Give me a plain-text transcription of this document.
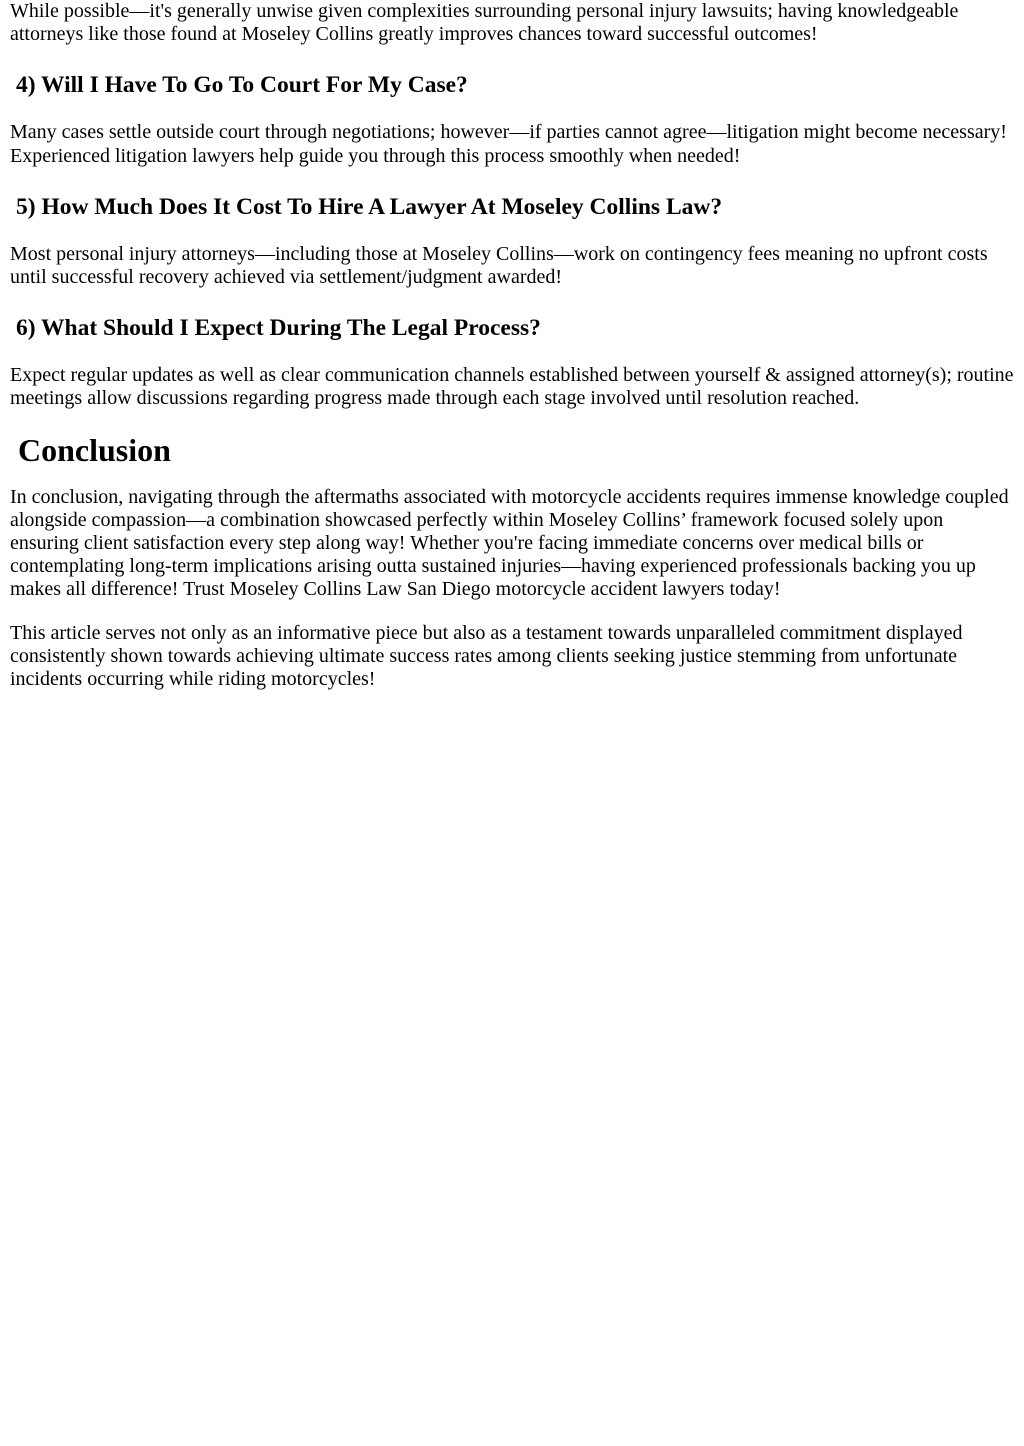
While possible—it's generally unwise given complexities surrounding personal injury lawsuits; having knowledgeable attorneys like those found at Moseley Collins greatly improves chances toward successful outcomes!

4) Will I Have To Go To Court For My Case?

Many cases settle outside court through negotiations; however—if parties cannot agree—litigation might become necessary! Experienced litigation lawyers help guide you through this process smoothly when needed!

5) How Much Does It Cost To Hire A Lawyer At Moseley Collins Law?

Most personal injury attorneys—including those at Moseley Collins—work on contingency fees meaning no upfront costs until successful recovery achieved via settlement/judgment awarded!

6) What Should I Expect During The Legal Process?

Expect regular updates as well as clear communication channels established between yourself & assigned attorney(s); routine meetings allow discussions regarding progress made through each stage involved until resolution reached.

Conclusion

In conclusion, navigating through the aftermaths associated with motorcycle accidents requires immense knowledge coupled alongside compassion—a combination showcased perfectly within Moseley Collins’ framework focused solely upon ensuring client satisfaction every step along way! Whether you're facing immediate concerns over medical bills or contemplating long-term implications arising outta sustained injuries—having experienced professionals backing you up makes all difference! Trust Moseley Collins Law San Diego motorcycle accident lawyers today!

This article serves not only as an informative piece but also as a testament towards unparalleled commitment displayed consistently shown towards achieving ultimate success rates among clients seeking justice stemming from unfortunate incidents occurring while riding motorcycles!
